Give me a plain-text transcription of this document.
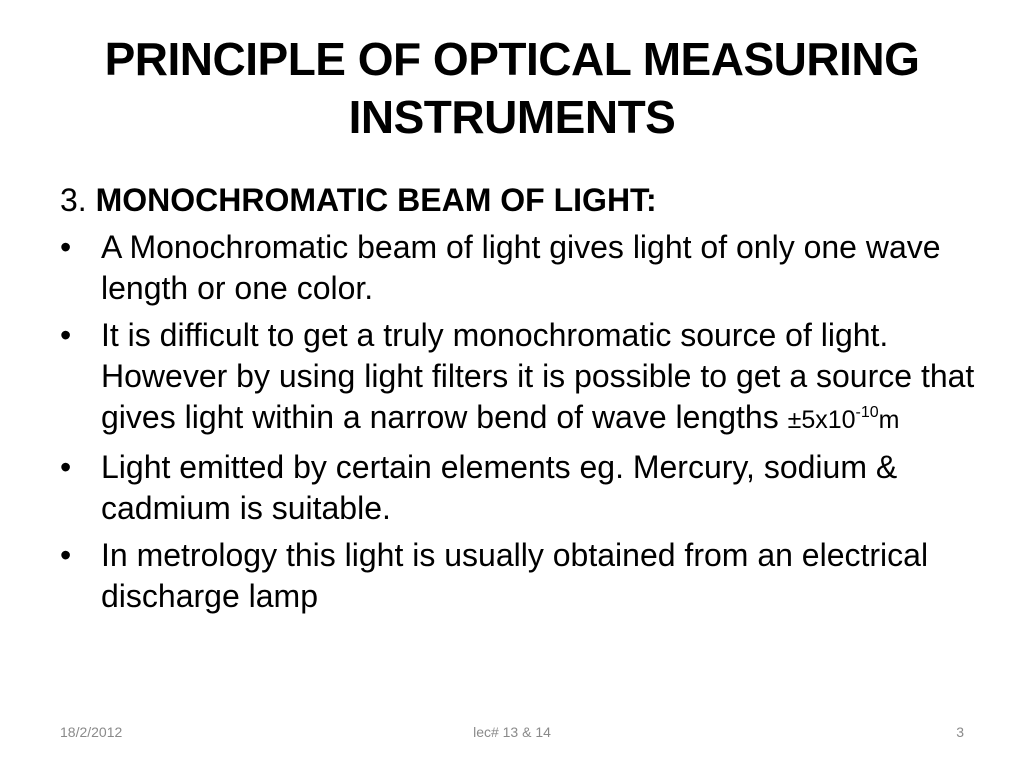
PRINCIPLE OF OPTICAL MEASURING INSTRUMENTS
3. MONOCHROMATIC BEAM OF LIGHT:
• A Monochromatic beam of light gives light of only one wave length or one color.
• It is difficult to get a truly monochromatic source of light. However by using light filters it is possible to get a source that gives light within a narrow bend of wave lengths $\pm 5x10^{-10}m$
• Light emitted by certain elements eg. Mercury, sodium & cadmium is suitable.
• In metrology this light is usually obtained from an electrical discharge lamp
18/2/2012	lec# 13 & 14	3
